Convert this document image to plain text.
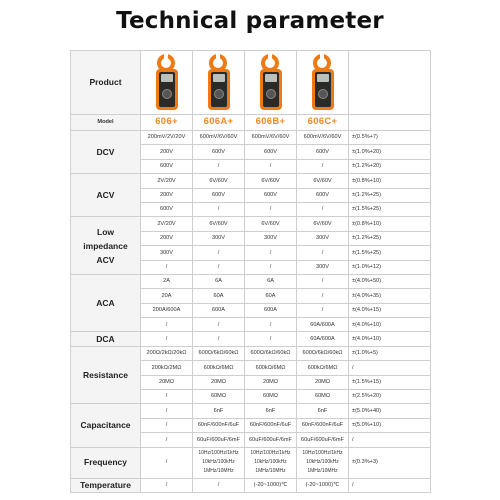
Technical parameter
Product	

Model	606+	606A+	606B+	606C+	
DCV	200mV/2V/20V	600mV/6V/60V	600mV/6V/60V	600mV/6V/60V	±(0.5%+7)
	200V	600V	600V	600V	±(1.0%+20)
	600V	/	/	/	±(1.2%+20)
ACV	2V/20V	6V/60V	6V/60V	6V/60V	±(0.8%+10)
	200V	600V	600V	600V	±(1.2%+25)
	600V	/	/	/	±(1.5%+25)
Low
impedance
ACV	2V/20V	6V/60V	6V/60V	6V/60V	±(0.8%+10)
	200V	300V	300V	300V	±(1.2%+25)
	300V	/	/	/	±(1.5%+25)
	/	/	/	300V	±(1.0%+12)
ACA	2A	6A	6A	/	±(4.0%+50)
	20A	60A	60A	/	±(4.0%+35)
	200A/600A	600A	600A	/	±(4.0%+15)
	/	/	/	60A/600A	±(4.0%+10)
DCA	/	/	/	60A/600A	±(4.0%+10)
Resistance	200Ω/2kΩ/20kΩ	600Ω/6kΩ/60kΩ	600Ω/6kΩ/60kΩ	600Ω/6kΩ/60kΩ	±(1.0%+5)
	200kΩ/2MΩ	600kΩ/6MΩ	600kΩ/6MΩ	600kΩ/6MΩ	/
	20MΩ	20MΩ	20MΩ	20MΩ	±(1.5%+15)
	/	60MΩ	60MΩ	60MΩ	±(2.5%+20)
Capacitance	/	6nF	6nF	6nF	±(5.0%+40)
	/	60nF/600nF/6uF	60nF/600nF/6uF	60nF/600nF/6uF	±(5.0%+10)
	/	60uF/600uF/6mF	60uF/600uF/6mF	60uF/600uF/6mF	/
Frequency	/	10Hz/100Hz/1kHz
10kHz/100kHz
1MHz/10MHz	10Hz/100Hz/1kHz
10kHz/100kHz
1MHz/10MHz	10Hz/100Hz/1kHz
10kHz/100kHz
1MHz/10MHz	±(0.3%+3)
Temperature	/	/	(-20~1000)℃	(-20~1000)℃	/
